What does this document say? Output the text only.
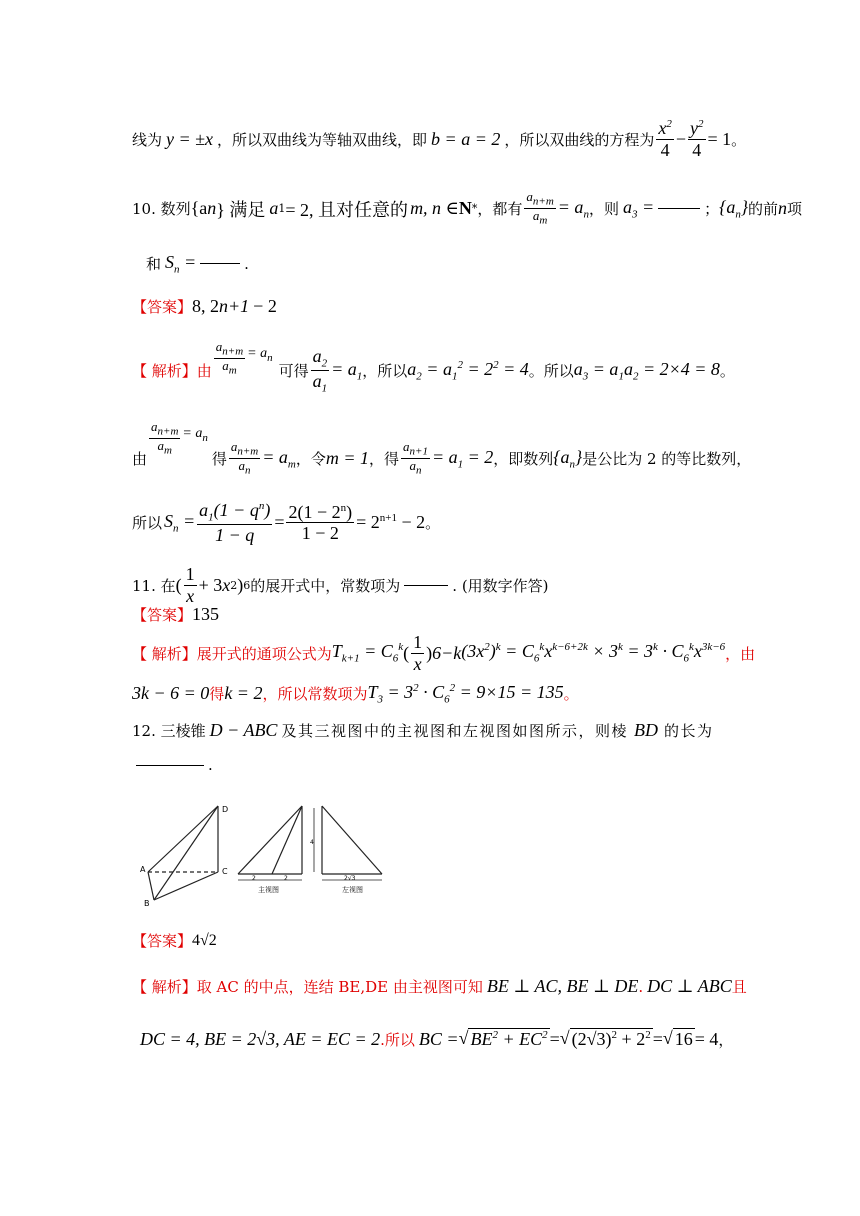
线为 y = ±x ，所以双曲线为等轴双曲线，即 b = a = 2 ，所以双曲线的方程为 $\frac{x^2}{4} - \frac{y^2}{4} = 1$ 。
10. 数列 {a n } 满足 a 1 = 2, 且对任意的 m, n ∈ N * ，都有 $\frac{a_{n+m}}{a_m} = a_n$ ，则 $a_3$ =	； $\{a_n\}$ 的前 n 项
和 $S_n$ =	.
【答案】 8, 2 n+1 − 2
【 解析】由 $\frac{a_{n+m}}{a_m} = a_n$
可得 $\frac{a_2}{a_1} = a_1$ ，所以 $a_2 = a_1^2 = 2^2 = 4$ 。所以 $a_3 = a_1a_2 = 2\times 4 = 8$ 。
由
$\frac{a_{n+m}}{a_m} = a_n$
得 $\frac{a_{n+m}}{a_n} = a_m$ ，令 m = 1 ，得 $\frac{a_{n+1}}{a_n} = a_1 = 2$ ，即数列 $\{a_n\}$ 是公比为 2 的等比数列，
所以 $S_n = \frac{a_1(1 - q^n)}{1 - q} = \frac{2(1 - 2^n)}{1 - 2} = 2^{n+1} - 2$ 。
11. 在 ( $\frac{1}{x} + 3$ x 2 ) 6 的展开式中，常数项为	. (用数字作答)
【答案】 135
【 解析】展开式的通项公式为 $T_{k+1} = C_6^k$ ( $\frac{1}{x}$ ) 6−k $(3x^2)^k = C_6^kx^{k-6+2k} \times 3^k = 3^k \cdot C_6^kx^{3k-6}$ ，由
3k − 6 = 0 得 k = 2 ，所以常数项为 $T_3 = 3^2 \cdot C_6^2 = 9\times 15 = 135$ 。
12. 三棱锥 D − ABC 及其三视图中的主视图和左视图如图所示，则棱 BD 的长为
.
D
A	C
B
2	2
主视图
4
2√3
左视图
【答案】 4√2
【 解析】取 AC 的中点，连结 BE,DE 由主视图可知 BE ⊥ AC, BE ⊥ DE . DC ⊥ ABC 且
DC = 4, BE = 2√3, AE = EC = 2 .所以 BC = √ $BE^2 + EC^2$ = √ $(2√3)^2 + 2^2$ = √ 16 = 4 ，
